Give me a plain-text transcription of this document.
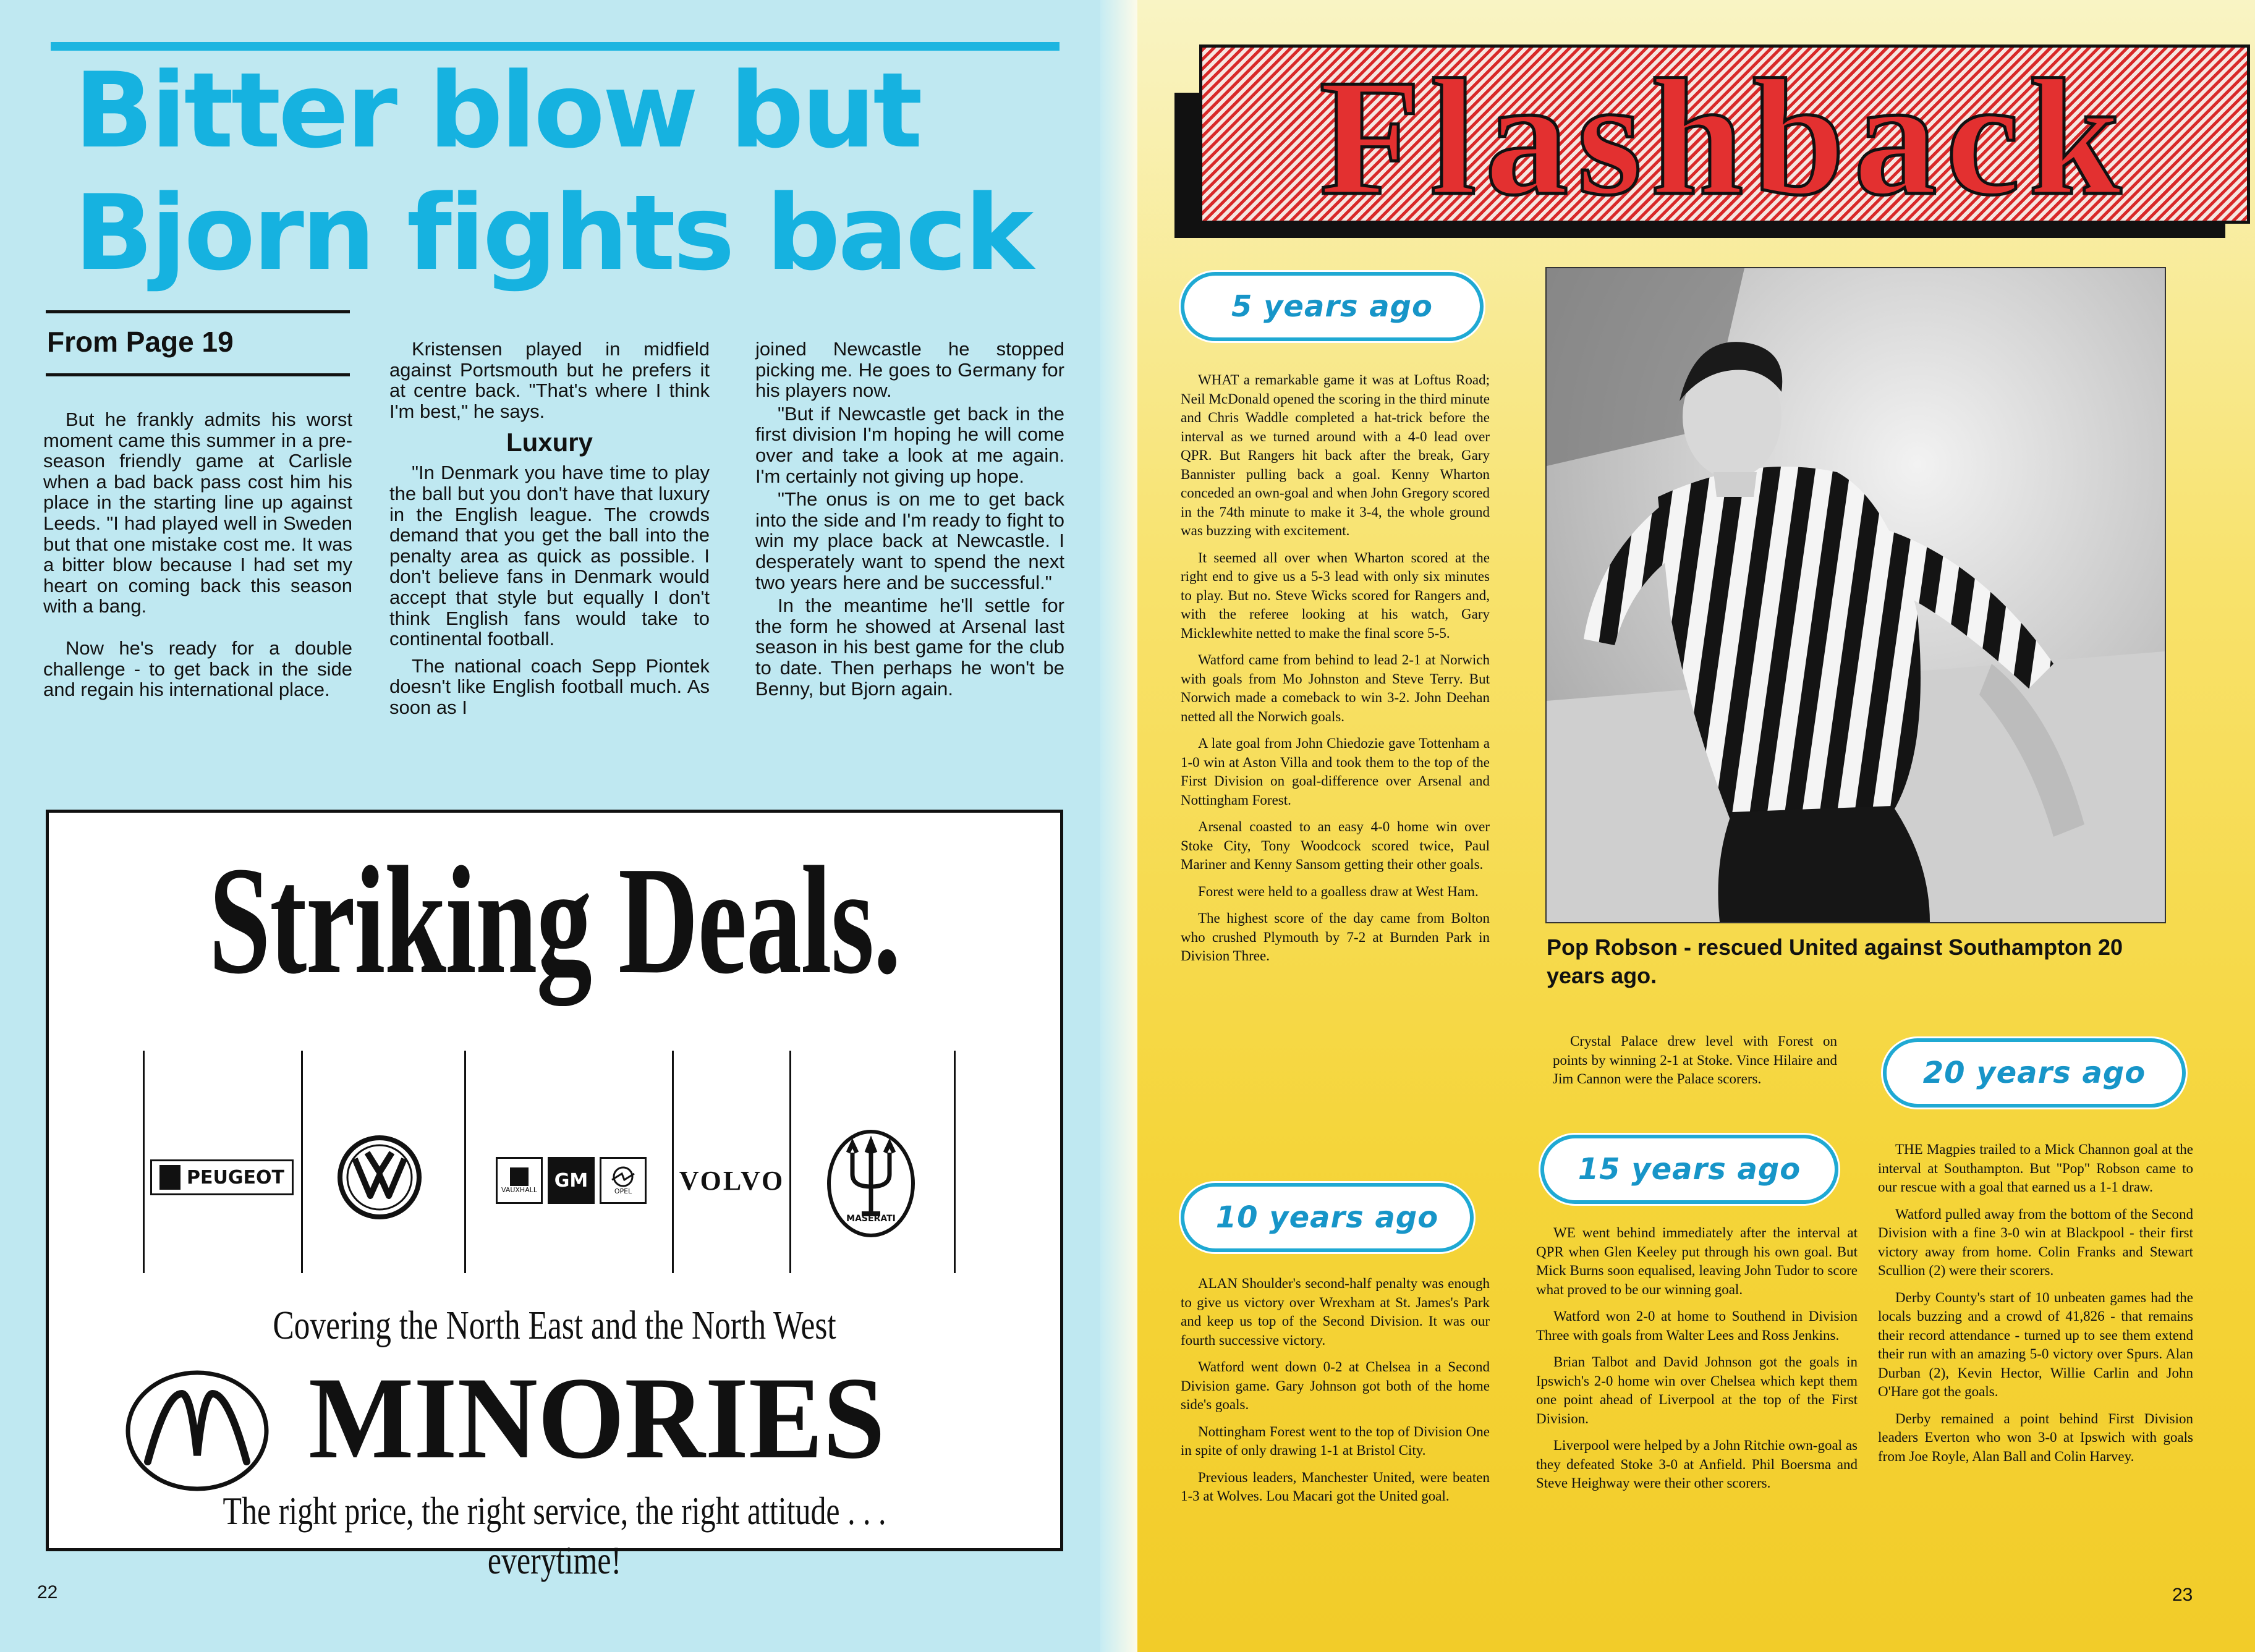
Bitter blow but
Bjorn fights back

From Page 19

But he frankly admits his worst moment came this summer in a pre-season friendly game at Carlisle when a bad back pass cost him his place in the starting line up against Leeds. "I had played well in Sweden but that one mistake cost me. It was a bitter blow because I had set my heart on coming back this season with a bang.

Now he's ready for a double challenge - to get back in the side and regain his international place.

Kristensen played in midfield against Portsmouth but he prefers it at centre back. "That's where I think I'm best," he says.

Luxury

"In Denmark you have time to play the ball but you don't have that luxury in the English league. The crowds demand that you get the ball into the penalty area as quick as possible. I don't believe fans in Denmark would accept that style but equally I don't think English fans would take to continental football.

The national coach Sepp Piontek doesn't like English football much. As soon as I

joined Newcastle he stopped picking me. He goes to Germany for his players now.

"But if Newcastle get back in the first division I'm hoping he will come over and take a look at me again. I'm certainly not giving up hope.

"The onus is on me to get back into the side and I'm ready to fight to win my place back at Newcastle. I desperately want to spend the next two years here and be successful."

In the meantime he'll settle for the form he showed at Arsenal last season in his best game for the club to date. Then perhaps he won't be Benny, but Bjorn again.

Striking Deals.
PEUGEOT
VAUXHALL GM	OPEL VOLVO
MASERATI

Covering the North East and the North West

MINORIES

The right price, the right service, the right attitude . . . everytime!

22
Flashback
5 years ago

WHAT a remarkable game it was at Loftus Road; Neil McDonald opened the scoring in the third minute and Chris Waddle completed a hat-trick before the interval as we turned around with a 4-0 lead over QPR. But Rangers hit back after the break, Gary Bannister pulling back a goal. Kenny Wharton conceded an own-goal and when John Gregory scored in the 74th minute to make it 3-4, the whole ground was buzzing with excitement.

It seemed all over when Wharton scored at the right end to give us a 5-3 lead with only six minutes to play. But no. Steve Wicks scored for Rangers and, with the referee looking at his watch, Gary Micklewhite netted to make the final score 5-5.

Watford came from behind to lead 2-1 at Norwich with goals from Mo Johnston and Steve Terry. But Norwich made a comeback to win 3-2. John Deehan netted all the Norwich goals.

A late goal from John Chiedozie gave Tottenham a 1-0 win at Aston Villa and took them to the top of the First Division on goal-difference over Arsenal and Nottingham Forest.

Arsenal coasted to an easy 4-0 home win over Stoke City, Tony Woodcock scored twice, Paul Mariner and Kenny Sansom getting their other goals.

Forest were held to a goalless draw at West Ham.

The highest score of the day came from Bolton who crushed Plymouth by 7-2 at Burnden Park in Division Three.	Pop Robson - rescued United against Southampton 20 years ago.

Crystal Palace drew level with Forest on points by winning 2-1 at Stoke. Vince Hilaire and Jim Cannon were the Palace scorers.	20 years ago
15 years ago
10 years ago

ALAN Shoulder's second-half penalty was enough to give us victory over Wrexham at St. James's Park and keep us top of the Second Division. It was our fourth successive victory.

Watford went down 0-2 at Chelsea in a Second Division game. Gary Johnson got both of the home side's goals.

Nottingham Forest went to the top of Division One in spite of only drawing 1-1 at Bristol City.

Previous leaders, Manchester United, were beaten 1-3 at Wolves. Lou Macari got the United goal.

WE went behind immediately after the interval at QPR when Glen Keeley put through his own goal. But Mick Burns soon equalised, leaving John Tudor to score what proved to be our winning goal.

Watford won 2-0 at home to Southend in Division Three with goals from Walter Lees and Ross Jenkins.

Brian Talbot and David Johnson got the goals in Ipswich's 2-0 home win over Chelsea which kept them one point ahead of Liverpool at the top of the First Division.

Liverpool were helped by a John Ritchie own-goal as they defeated Stoke 3-0 at Anfield. Phil Boersma and Steve Heighway were their other scorers.

THE Magpies trailed to a Mick Channon goal at the interval at Southampton. But "Pop" Robson came to our rescue with a goal that earned us a 1-1 draw.

Watford pulled away from the bottom of the Second Division with a fine 3-0 win at Blackpool - their first victory away from home. Colin Franks and Stewart Scullion (2) were their scorers.

Derby County's start of 10 unbeaten games had the locals buzzing and a crowd of 41,826 - that remains their record attendance - turned up to see them extend their run with an amazing 5-0 victory over Spurs. Alan Durban (2), Kevin Hector, Willie Carlin and John O'Hare got the goals.

Derby remained a point behind First Division leaders Everton who won 3-0 at Ipswich with goals from Joe Royle, Alan Ball and Colin Harvey.

23
